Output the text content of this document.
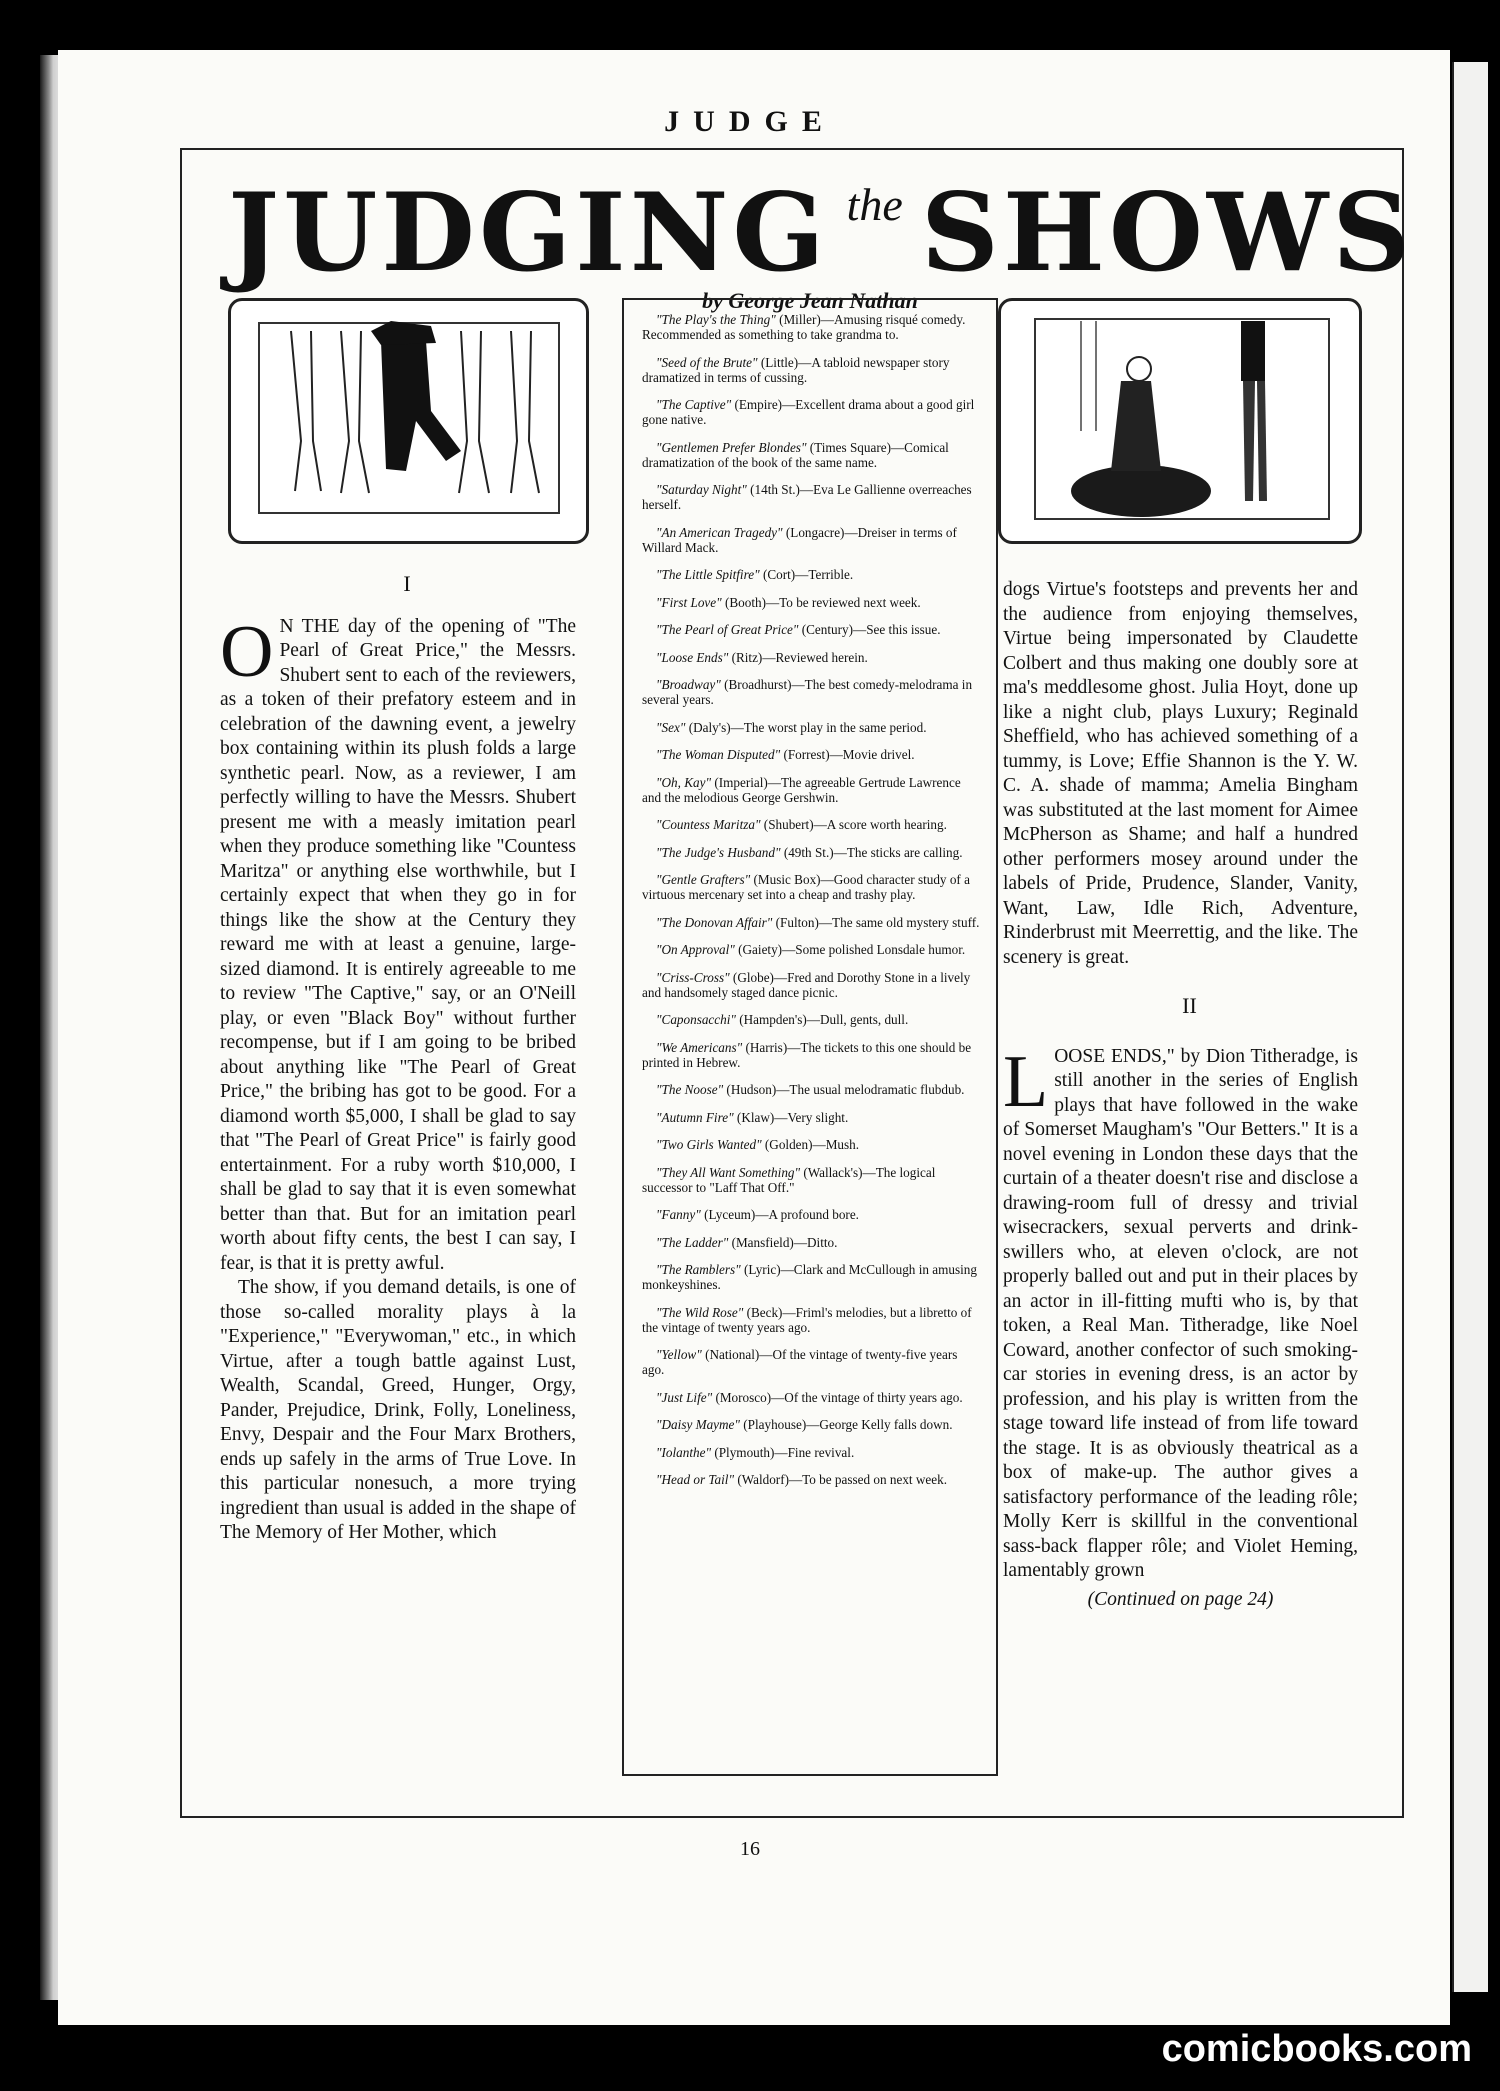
JUDGE
JUDGING the SHOWS
by George Jean Nathan

I

O N THE day of the opening of "The Pearl of Great Price," the Messrs. Shubert sent to each of the reviewers, as a token of their prefatory esteem and in celebration of the dawning event, a jewelry box containing within its plush folds a large synthetic pearl. Now, as a reviewer, I am perfectly willing to have the Messrs. Shubert present me with a measly imitation pearl when they produce something like "Countess Maritza" or anything else worthwhile, but I certainly expect that when they go in for things like the show at the Century they reward me with at least a genuine, large-sized diamond. It is entirely agreeable to me to review "The Captive," say, or an O'Neill play, or even "Black Boy" without further recompense, but if I am going to be bribed about anything like "The Pearl of Great Price," the bribing has got to be good. For a diamond worth $5,000, I shall be glad to say that "The Pearl of Great Price" is fairly good entertainment. For a ruby worth $10,000, I shall be glad to say that it is even somewhat better than that. But for an imitation pearl worth about fifty cents, the best I can say, I fear, is that it is pretty awful.

The show, if you demand details, is one of those so-called morality plays à la "Experience," "Everywoman," etc., in which Virtue, after a tough battle against Lust, Wealth, Scandal, Greed, Hunger, Orgy, Pander, Prejudice, Drink, Folly, Loneliness, Envy, Despair and the Four Marx Brothers, ends up safely in the arms of True Love. In this particular nonesuch, a more trying ingredient than usual is added in the shape of The Memory of Her Mother, which

"The Play's the Thing" (Miller)—Amusing risqué comedy. Recommended as something to take grandma to.

"Seed of the Brute" (Little)—A tabloid newspaper story dramatized in terms of cussing.

"The Captive" (Empire)—Excellent drama about a good girl gone native.

"Gentlemen Prefer Blondes" (Times Square)—Comical dramatization of the book of the same name.

"Saturday Night" (14th St.)—Eva Le Gallienne overreaches herself.

"An American Tragedy" (Longacre)—Dreiser in terms of Willard Mack.

"The Little Spitfire" (Cort)—Terrible.

"First Love" (Booth)—To be reviewed next week.

"The Pearl of Great Price" (Century)—See this issue.

"Loose Ends" (Ritz)—Reviewed herein.

"Broadway" (Broadhurst)—The best comedy-melodrama in several years.

"Sex" (Daly's)—The worst play in the same period.

"The Woman Disputed" (Forrest)—Movie drivel.

"Oh, Kay" (Imperial)—The agreeable Gertrude Lawrence and the melodious George Gershwin.

"Countess Maritza" (Shubert)—A score worth hearing.

"The Judge's Husband" (49th St.)—The sticks are calling.

"Gentle Grafters" (Music Box)—Good character study of a virtuous mercenary set into a cheap and trashy play.

"The Donovan Affair" (Fulton)—The same old mystery stuff.

"On Approval" (Gaiety)—Some polished Lonsdale humor.

"Criss-Cross" (Globe)—Fred and Dorothy Stone in a lively and handsomely staged dance picnic.

"Caponsacchi" (Hampden's)—Dull, gents, dull.

"We Americans" (Harris)—The tickets to this one should be printed in Hebrew.

"The Noose" (Hudson)—The usual melodramatic flubdub.

"Autumn Fire" (Klaw)—Very slight.

"Two Girls Wanted" (Golden)—Mush.

"They All Want Something" (Wallack's)—The logical successor to "Laff That Off."

"Fanny" (Lyceum)—A profound bore.

"The Ladder" (Mansfield)—Ditto.

"The Ramblers" (Lyric)—Clark and McCullough in amusing monkeyshines.

"The Wild Rose" (Beck)—Friml's melodies, but a libretto of the vintage of twenty years ago.

"Yellow" (National)—Of the vintage of twenty-five years ago.

"Just Life" (Morosco)—Of the vintage of thirty years ago.

"Daisy Mayme" (Playhouse)—George Kelly falls down.

"Iolanthe" (Plymouth)—Fine revival.

"Head or Tail" (Waldorf)—To be passed on next week.

dogs Virtue's footsteps and prevents her and the audience from enjoying themselves, Virtue being impersonated by Claudette Colbert and thus making one doubly sore at ma's meddlesome ghost. Julia Hoyt, done up like a night club, plays Luxury; Reginald Sheffield, who has achieved something of a tummy, is Love; Effie Shannon is the Y. W. C. A. shade of mamma; Amelia Bingham was substituted at the last moment for Aimee McPherson as Shame; and half a hundred other performers mosey around under the labels of Pride, Prudence, Slander, Vanity, Want, Law, Idle Rich, Adventure, Rinderbrust mit Meerrettig, and the like. The scenery is great.

II

LOOSE ENDS," by Dion Titheradge, is still another in the series of English plays that have followed in the wake of Somerset Maugham's "Our Betters." It is a novel evening in London these days that the curtain of a theater doesn't rise and disclose a drawing-room full of dressy and trivial wisecrackers, sexual perverts and drink-swillers who, at eleven o'clock, are not properly balled out and put in their places by an actor in ill-fitting mufti who is, by that token, a Real Man. Titheradge, like Noel Coward, another confector of such smoking-car stories in evening dress, is an actor by profession, and his play is written from the stage toward life instead of from life toward the stage. It is as obviously theatrical as a box of make-up. The author gives a satisfactory performance of the leading rôle; Molly Kerr is skillful in the conventional sass-back flapper rôle; and Violet Heming, lamentably grown

(Continued on page 24)

16
comicbooks.com
